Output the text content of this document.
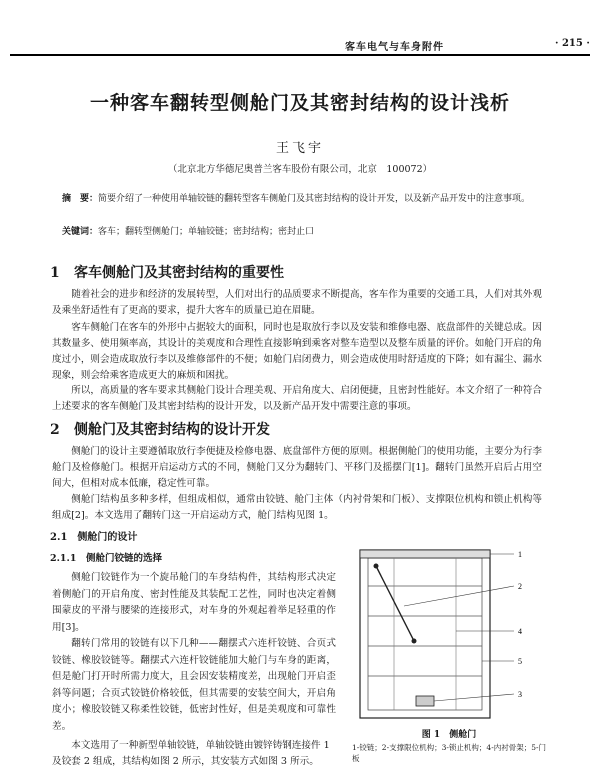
客车电气与车身附件	· 215 ·
一种客车翻转型侧舱门及其密封结构的设计浅析
王飞宇
（北京北方华德尼奥普兰客车股份有限公司，北京　100072）
摘　要：简要介绍了一种使用单轴铰链的翻转型客车侧舱门及其密封结构的设计开发，以及新产品开发中的注意事项。
关键词：客车；翻转型侧舱门；单轴铰链；密封结构；密封止口
1 客车侧舱门及其密封结构的重要性
随着社会的进步和经济的发展转型，人们对出行的品质要求不断提高，客车作为重要的交通工具，人们对其外观及乘坐舒适性有了更高的要求，提升大客车的质量已迫在眉睫。
客车侧舱门在客车的外形中占据较大的面积，同时也是取放行李以及安装和维修电器、底盘部件的关键总成。因其数量多、使用频率高，其设计的美观度和合理性直接影响到乘客对整车造型以及整车质量的评价。如舱门开启的角度过小，则会造成取放行李以及维修部件的不便；如舱门启闭费力，则会造成使用时舒适度的下降；如有漏尘、漏水现象，则会给乘客造成更大的麻烦和困扰。
所以，高质量的客车要求其侧舱门设计合理美观、开启角度大、启闭便捷，且密封性能好。本文介绍了一种符合上述要求的客车侧舱门及其密封结构的设计开发，以及新产品开发中需要注意的事项。
2 侧舱门及其密封结构的设计开发
侧舱门的设计主要遵循取放行李便捷及检修电器、底盘部件方便的原则。根据侧舱门的使用功能，主要分为行李舱门及检修舱门。根据开启运动方式的不同，侧舱门又分为翻转门、平移门及摇摆门[1]。翻转门虽然开启后占用空间大，但相对成本低廉，稳定性可靠。
侧舱门结构虽多种多样，但组成相似，通常由铰链、舱门主体（内衬骨架和门板）、支撑限位机构和锁止机构等组成[2]。本文选用了翻转门这一开启运动方式，舱门结构见图 1。
2.1　侧舱门的设计
2.1.1　侧舱门铰链的选择
侧舱门铰链作为一个旋吊舱门的车身结构件，其结构形式决定着侧舱门的开启角度、密封性能及其装配工艺性，同时也决定着侧围蒙皮的平滑与腰梁的连接形式，对车身的外观起着举足轻重的作用[3]。
翻转门常用的铰链有以下几种——翻摆式六连杆铰链、合页式铰链、橡胶铰链等。翻摆式六连杆铰链能加大舱门与车身的距离，但是舱门打开时所需力度大，且会因安装精度差，出现舱门开启歪斜等问题；合页式铰链价格较低，但其需要的安装空间大，开启角度小；橡胶铰链又称柔性铰链，低密封性好，但是美观度和可靠性差。
本文选用了一种新型单轴铰链，单轴铰链由镀锌铸钢连接件 1 及铰套 2 组成，其结构如图 2 所示，其安装方式如图 3 所示。
1
2
3
4
5
图 1　侧舱门
1-铰链；2-支撑限位机构；3-锁止机构；4-内衬骨架；5-门板
